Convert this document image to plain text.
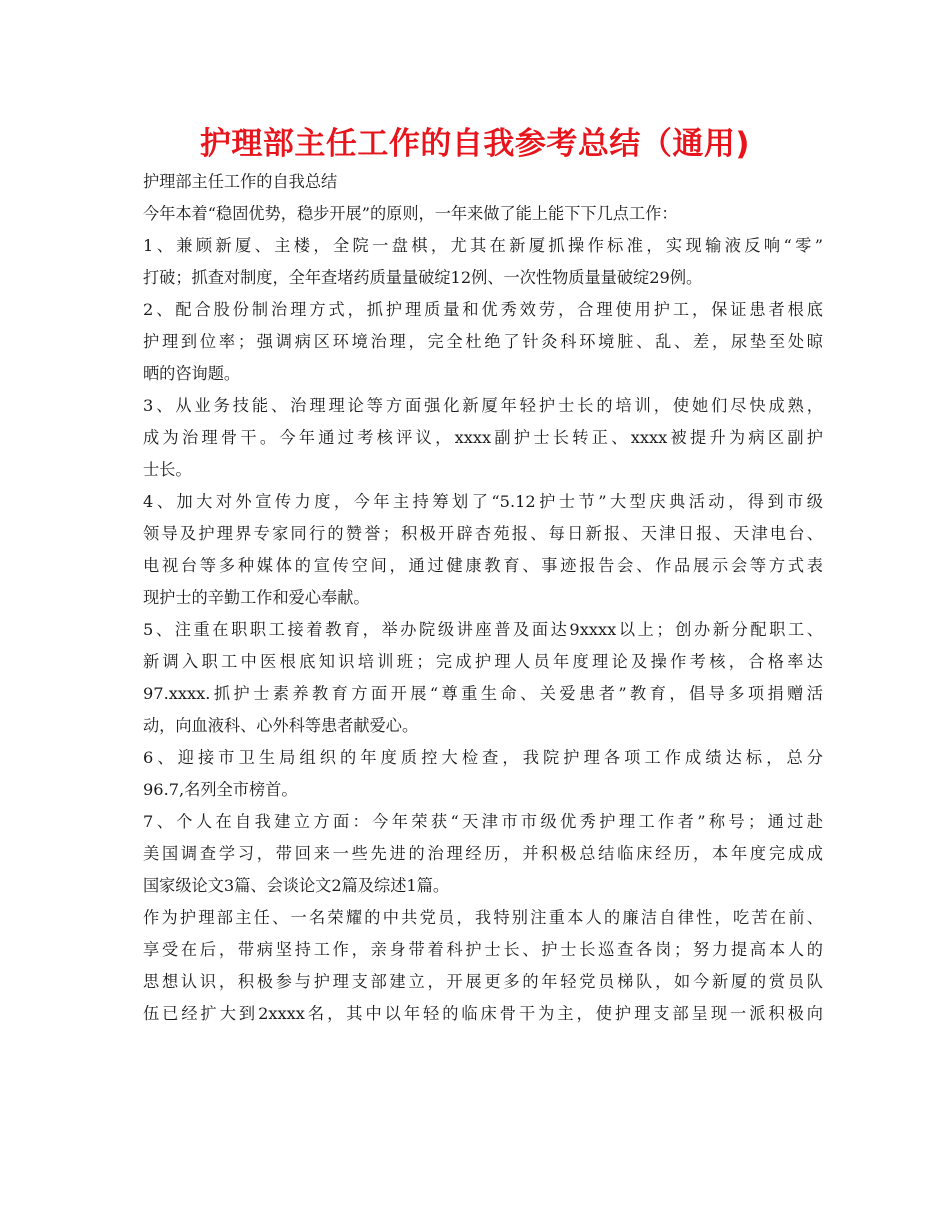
护理部主任工作的自我参考总结（通用)
护理部主任工作的自我总结
今年本着“稳固优势，稳步开展”的原则，一年来做了能上能下下几点工作：
1、兼顾新厦、主楼，全院一盘棋，尤其在新厦抓操作标准，实现输液反响“零”
打破；抓查对制度，全年查堵药质量量破绽12例、一次性物质量量破绽29例。
2、配合股份制治理方式，抓护理质量和优秀效劳，合理使用护工，保证患者根底
护理到位率；强调病区环境治理，完全杜绝了针灸科环境脏、乱、差，尿垫至处晾
晒的咨询题。
3、从业务技能、治理理论等方面强化新厦年轻护士长的培训，使她们尽快成熟，
成为治理骨干。今年通过考核评议，xxxx副护士长转正、xxxx被提升为病区副护
士长。
4、加大对外宣传力度，今年主持筹划了“5.12护士节”大型庆典活动，得到市级
领导及护理界专家同行的赞誉；积极开辟杏苑报、每日新报、天津日报、天津电台、
电视台等多种媒体的宣传空间，通过健康教育、事迹报告会、作品展示会等方式表
现护士的辛勤工作和爱心奉献。
5、注重在职职工接着教育，举办院级讲座普及面达9xxxx以上；创办新分配职工、
新调入职工中医根底知识培训班；完成护理人员年度理论及操作考核，合格率达
97.xxxx.抓护士素养教育方面开展“尊重生命、关爱患者”教育，倡导多项捐赠活
动，向血液科、心外科等患者献爱心。
6、迎接市卫生局组织的年度质控大检查，我院护理各项工作成绩达标，总分
96.7,名列全市榜首。
7、个人在自我建立方面：今年荣获“天津市市级优秀护理工作者”称号；通过赴
美国调查学习，带回来一些先进的治理经历，并积极总结临床经历，本年度完成成
国家级论文3篇、会谈论文2篇及综述1篇。
作为护理部主任、一名荣耀的中共党员，我特别注重本人的廉洁自律性，吃苦在前、
享受在后，带病坚持工作，亲身带着科护士长、护士长巡查各岗；努力提高本人的
思想认识，积极参与护理支部建立，开展更多的年轻党员梯队，如今新厦的赏员队
伍已经扩大到2xxxx名，其中以年轻的临床骨干为主，使护理支部呈现一派积极向
